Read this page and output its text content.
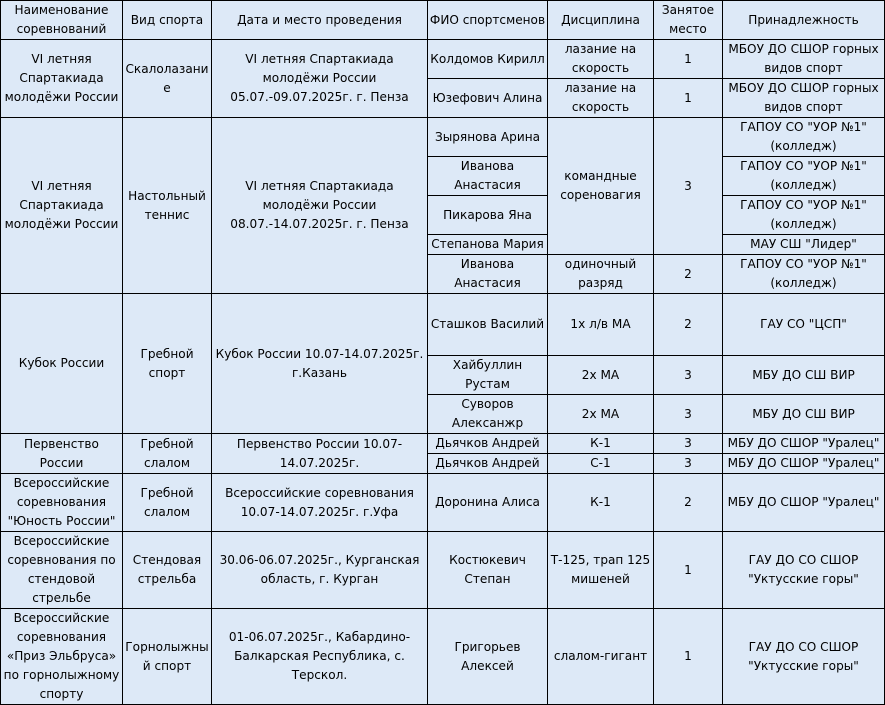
Наименование соревнований	Вид спорта	Дата и место проведения	ФИО спортсменов	Дисциплина	Занятое место	Принадлежность
VI летняя Спартакиада молодёжи России	Скалолазание	VI летняя Спартакиада молодёжи России 05.07.-09.07.2025г. г. Пенза	Колдомов Кирилл	лазание на скорость	1	МБОУ ДО СШОР горных видов спорт
			Юзефович Алина	лазание на скорость	1	МБОУ ДО СШОР горных видов спорт
VI летняя Спартакиада молодёжи России	Настольный теннис	VI летняя Спартакиада молодёжи России 08.07.-14.07.2025г. г. Пенза	Зырянова Арина	командные сореновагия	3	ГАПОУ СО "УОР №1" (колледж)
			Иванова Анастасия			ГАПОУ СО "УОР №1" (колледж)
			Пикарова Яна			ГАПОУ СО "УОР №1" (колледж)
			Степанова Мария			МАУ СШ "Лидер"
			Иванова Анастасия	одиночный разряд	2	ГАПОУ СО "УОР №1" (колледж)
Кубок России	Гребной спорт	Кубок России 10.07-14.07.2025г. г.Казань	Сташков Василий	1х л/в МА	2	ГАУ СО "ЦСП"
			Хайбуллин Рустам	2х МА	3	МБУ ДО СШ ВИР
			Суворов Алексанжр	2х МА	3	МБУ ДО СШ ВИР
Первенство России	Гребной слалом	Первенство России 10.07-14.07.2025г.	Дьячков Андрей	К-1	3	МБУ ДО СШОР "Уралец"
			Дьячков Андрей	С-1	3	МБУ ДО СШОР "Уралец"
Всероссийские соревнования "Юность России"	Гребной слалом	Всероссийские соревнования 10.07-14.07.2025г. г.Уфа	Доронина Алиса	К-1	2	МБУ ДО СШОР "Уралец"
Всероссийские соревнования по стендовой стрельбе	Стендовая стрельба	30.06-06.07.2025г., Курганская область, г. Курган	Костюкевич Степан	Т-125, трап 125 мишеней	1	ГАУ ДО СО СШОР "Уктусские горы"
Всероссийские соревнования «Приз Эльбруса» по горнолыжному спорту	Горнолыжный спорт	01-06.07.2025г., Кабардино-Балкарская Республика, с. Терскол.	Григорьев Алексей	слалом-гигант	1	ГАУ ДО СО СШОР "Уктусские горы"
